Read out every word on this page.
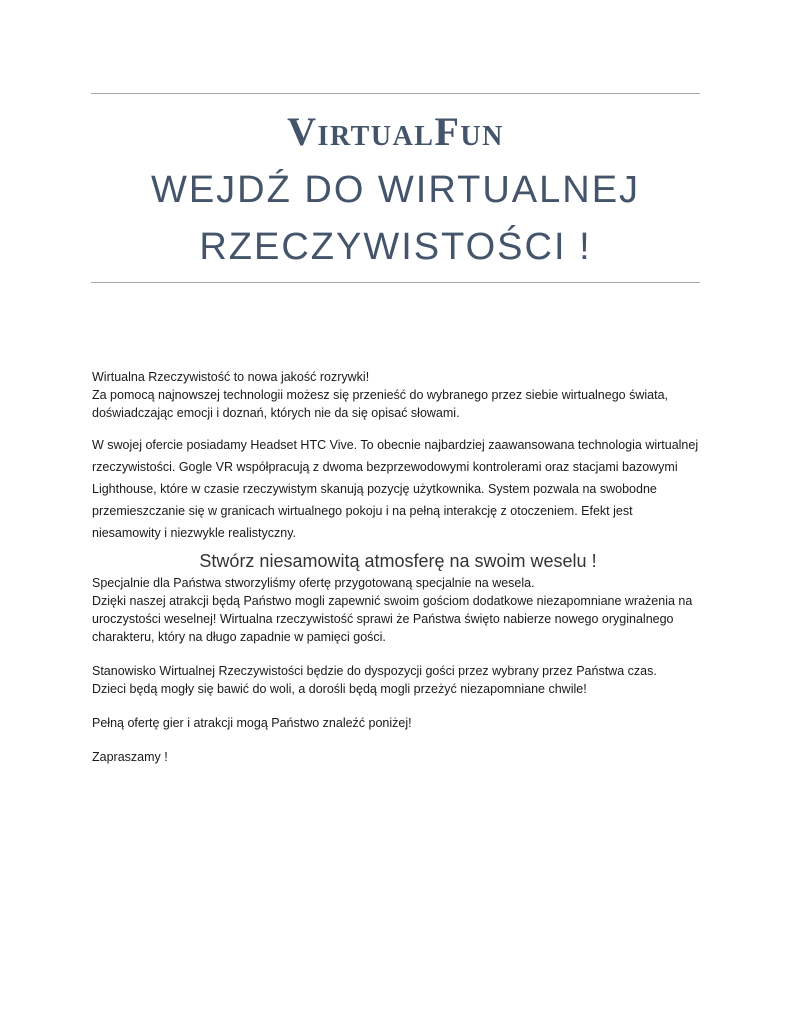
VirtualFun
WEJDŹ DO WIRTUALNEJ
RZECZYWISTOŚCI !

Wirtualna Rzeczywistość to nowa jakość rozrywki!

Za pomocą najnowszej technologii możesz się przenieść do wybranego przez siebie wirtualnego świata,

doświadczając emocji i doznań, których nie da się opisać słowami.

W swojej ofercie posiadamy Headset HTC Vive. To obecnie najbardziej zaawansowana technologia wirtualnej

rzeczywistości. Gogle VR współpracują z dwoma bezprzewodowymi kontrolerami oraz stacjami bazowymi

Lighthouse, które w czasie rzeczywistym skanują pozycję użytkownika. System pozwala na swobodne

przemieszczanie się w granicach wirtualnego pokoju i na pełną interakcję z otoczeniem. Efekt jest

niesamowity i niezwykle realistyczny.

Stwórz niesamowitą atmosferę na swoim weselu !

Specjalnie dla Państwa stworzyliśmy ofertę przygotowaną specjalnie na wesela.

Dzięki naszej atrakcji będą Państwo mogli zapewnić swoim gościom dodatkowe niezapomniane wrażenia na

uroczystości weselnej! Wirtualna rzeczywistość sprawi że Państwa święto nabierze nowego oryginalnego

charakteru, który na długo zapadnie w pamięci gości.

Stanowisko Wirtualnej Rzeczywistości będzie do dyspozycji gości przez wybrany przez Państwa czas.

Dzieci będą mogły się bawić do woli, a dorośli będą mogli przeżyć niezapomniane chwile!

Pełną ofertę gier i atrakcji mogą Państwo znaleźć poniżej!

Zapraszamy !
